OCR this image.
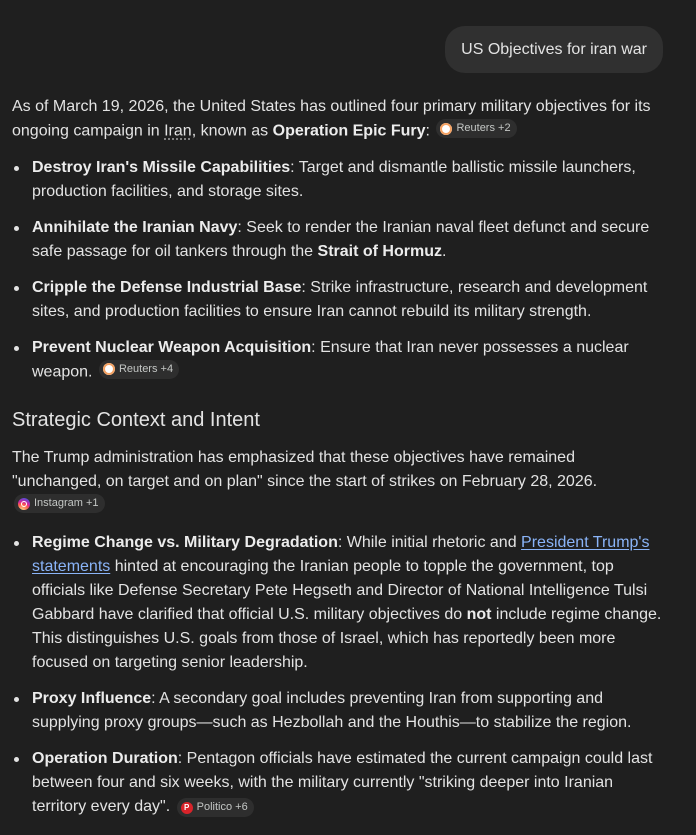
US Objectives for iran war

As of March 19, 2026, the United States has outlined four primary military objectives for its ongoing campaign in Iran, known as Operation Epic Fury: Reuters +2

Destroy Iran's Missile Capabilities: Target and dismantle ballistic missile launchers, production facilities, and storage sites.
Annihilate the Iranian Navy: Seek to render the Iranian naval fleet defunct and secure safe passage for oil tankers through the Strait of Hormuz.
Cripple the Defense Industrial Base: Strike infrastructure, research and development sites, and production facilities to ensure Iran cannot rebuild its military strength.
Prevent Nuclear Weapon Acquisition: Ensure that Iran never possesses a nuclear weapon. Reuters +4
Strategic Context and Intent

The Trump administration has emphasized that these objectives have remained "unchanged, on target and on plan" since the start of strikes on February 28, 2026.
Instagram +1

Regime Change vs. Military Degradation: While initial rhetoric and President Trump's statements hinted at encouraging the Iranian people to topple the government, top officials like Defense Secretary Pete Hegseth and Director of National Intelligence Tulsi Gabbard have clarified that official U.S. military objectives do not include regime change. This distinguishes U.S. goals from those of Israel, which has reportedly been more focused on targeting senior leadership.
Proxy Influence: A secondary goal includes preventing Iran from supporting and supplying proxy groups—such as Hezbollah and the Houthis—to stabilize the region.
Operation Duration: Pentagon officials have estimated the current campaign could last between four and six weeks, with the military currently "striking deeper into Iranian territory every day".	P Politico +6
